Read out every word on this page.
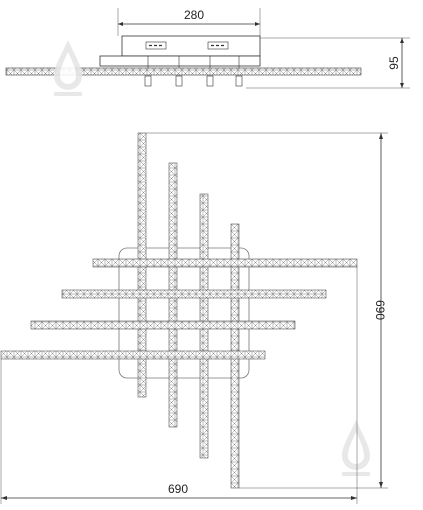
280
95
690
690
